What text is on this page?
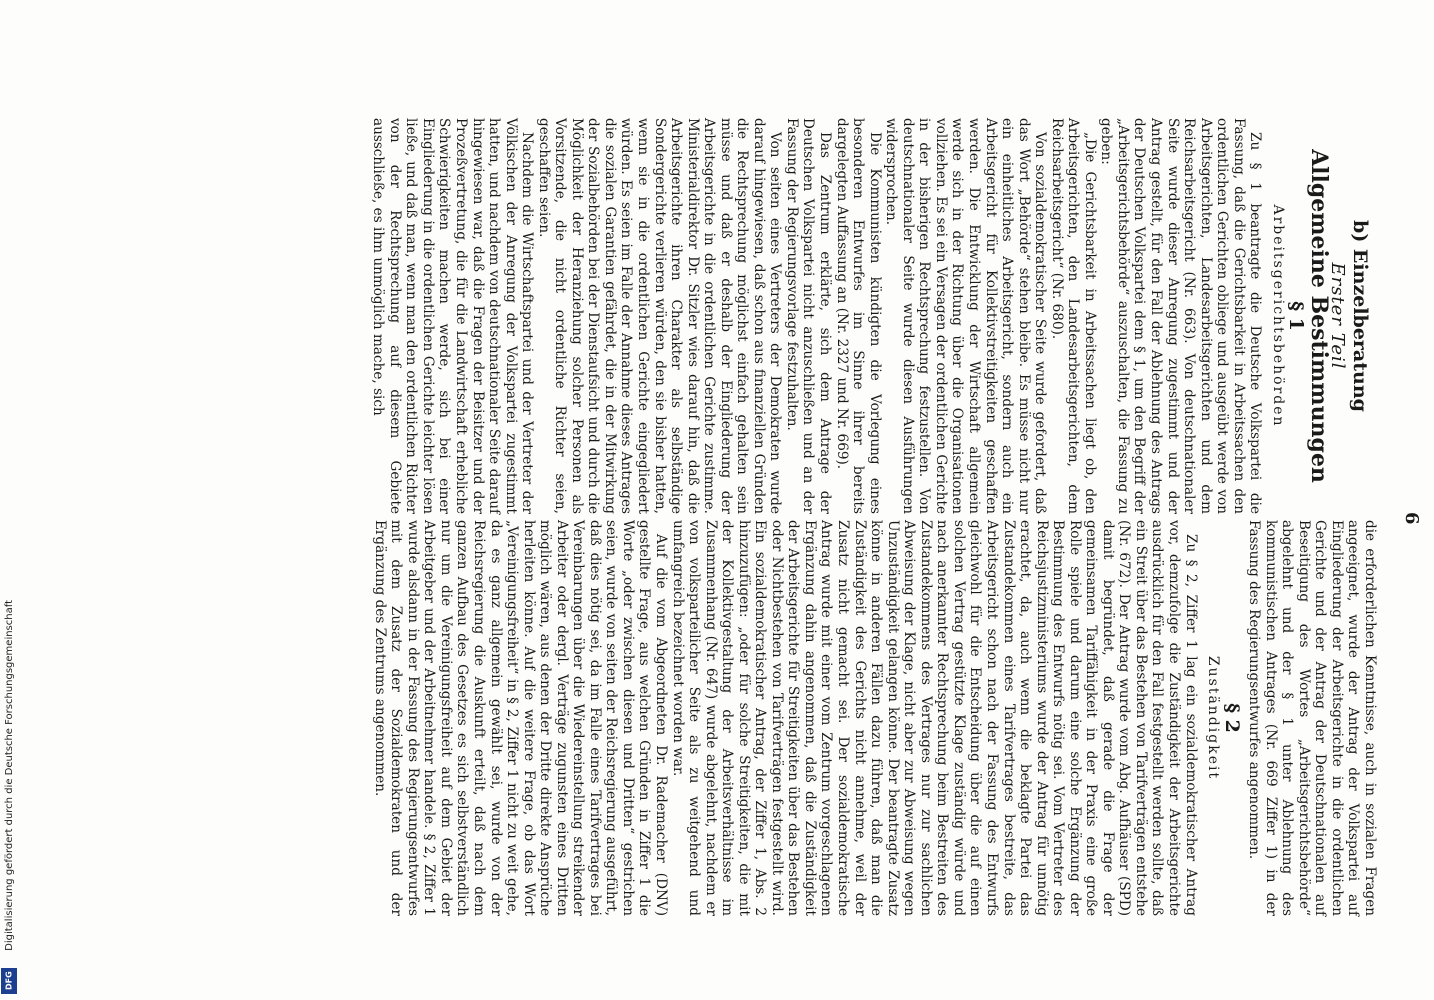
6

die erforderlichen Kenntnisse, auch in sozialen Fragen angeeignet, wurde der Antrag der Volkspartei auf Eingliederung der Arbeitsgerichte in die ordentlichen Gerichte und der Antrag der Deutschnationalen auf Beseitigung des Wortes „Arbeitsgerichtsbehörde“ abgelehnt und der § 1 unter Ablehnung des kommunistischen Antrages (Nr. 669 Ziffer 1) in der Fassung des Regierungsentwurfes angenommen.

§ 2
Zuständigkeit

Zu § 2, Ziffer 1 lag ein sozialdemokratischer Antrag vor, demzufolge die Zuständigkeit der Arbeitsgerichte ausdrücklich für den Fall festgestellt werden sollte, daß ein Streit über das Bestehen von Tarifverträgen entstehe (Nr. 672). Der Antrag wurde vom Abg. Aufhäuser (SPD) damit begründet, daß gerade die Frage der gemeinsamen Tariffähigkeit in der Praxis eine große Rolle spiele und darum eine solche Ergänzung der Bestimmung des Entwurfs nötig sei. Vom Vertreter des Reichsjustizministeriums wurde der Antrag für unnötig erachtet, da, auch wenn die beklagte Partei das Zustandekommen eines Tarifvertrages bestreite, das Arbeitsgericht schon nach der Fassung des Entwurfs gleichwohl für die Entscheidung über die auf einen solchen Vertrag gestützte Klage zuständig würde und nach anerkannter Rechtsprechung beim Bestreiten des Zustandekommens des Vertrages nur zur sachlichen Abweisung der Klage, nicht aber zur Abweisung wegen Unzuständigkeit gelangen könne. Der beantragte Zusatz könne in anderen Fällen dazu führen, daß man die Zuständigkeit des Gerichts nicht annehme, weil der Zusatz nicht gemacht sei. Der sozialdemokratische Antrag wurde mit einer vom Zentrum vorgeschlagenen Ergänzung dahin angenommen, daß die Zuständigkeit der Arbeitsgerichte für Streitigkeiten über das Bestehen oder Nichtbestehen von Tarifverträgen festgestellt wird. Ein sozialdemokratischer Antrag, der Ziffer 1, Abs. 2 hinzuzufügen: „oder für solche Streitigkeiten, die mit der Kollektivgestaltung der Arbeitsverhältnisse im Zusammenhang (Nr. 647) wurde abgelehnt, nachdem er von volksparteilicher Seite als zu weitgehend und umfangreich bezeichnet worden war.

Auf die vom Abgeordneten Dr. Rademacher (DNV) gestellte Frage, aus welchen Gründen in Ziffer 1 die Worte „oder zwischen diesen und Dritten“ gestrichen seien, wurde von seiten der Reichsregierung ausgeführt, daß dies nötig sei, da im Falle eines Tarifvertrages bei Vereinbarungen über die Wiedereinstellung streikender Arbeiter oder dergl. Verträge zugunsten eines Dritten möglich wären, aus denen der Dritte direkte Ansprüche herleiten könne. Auf die weitere Frage, ob das Wort „Vereinigungsfreiheit“ in § 2, Ziffer 1 nicht zu weit gehe, da es ganz allgemein gewählt sei, wurde von der Reichsregierung die Auskunft erteilt, daß nach dem ganzen Aufbau des Gesetzes es sich selbstverständlich nur um die Vereinigungsfreiheit auf dem Gebiet der Arbeitgeber und der Arbeitnehmer handele. § 2, Ziffer 1 wurde alsdann in der Fassung des Regierungsentwurfes mit dem Zusatz der Sozialdemokraten und der Ergänzung des Zentrums angenommen.

b) Einzelberatung
Erster Teil
Allgemeine Bestimmungen
§ 1
Arbeitsgerichtsbehörden

Zu § 1 beantragte die Deutsche Volkspartei die Fassung, daß die Gerichtsbarkeit in Arbeitssachen den ordentlichen Gerichten obliege und ausgeübt werde von Arbeitsgerichten, Landesarbeitsgerichten und dem Reichsarbeitsgericht (Nr. 663). Von deutschnationaler Seite wurde dieser Anregung zugestimmt und der Antrag gestellt, für den Fall der Ablehnung des Antrags der Deutschen Volkspartei dem § 1, um den Begriff der „Arbeitsgerichtsbehörde“ auszuschalten, die Fassung zu geben:

„Die Gerichtsbarkeit in Arbeitssachen liegt ob, den Arbeitsgerichten, den Landesarbeitsgerichten, dem Reichsarbeitsgericht“ (Nr. 680).

Von sozialdemokratischer Seite wurde gefordert, daß das Wort „Behörde“ stehen bleibe. Es müsse nicht nur ein einheitliches Arbeitsgericht, sondern auch ein Arbeitsgericht für Kollektivstreitigkeiten geschaffen werden. Die Entwicklung der Wirtschaft allgemein werde sich in der Richtung über die Organisationen vollziehen. Es sei ein Versagen der ordentlichen Gerichte in der bisherigen Rechtsprechung festzustellen. Von deutschnationaler Seite wurde diesen Ausführungen widersprochen.

Die Kommunisten kündigten die Vorlegung eines besonderen Entwurfes im Sinne ihrer bereits dargelegten Auffassung an (Nr. 2327 und Nr. 669).

Das Zentrum erklärte, sich dem Antrage der Deutschen Volkspartei nicht anzuschließen und an der Fassung der Regierungsvorlage festzuhalten.

Von seiten eines Vertreters der Demokraten wurde darauf hingewiesen, daß schon aus finanziellen Gründen die Rechtsprechung möglichst einfach gehalten sein müsse und daß er deshalb der Eingliederung der Arbeitsgerichte in die ordentlichen Gerichte zustimme. Ministerialdirektor Dr. Sitzler wies darauf hin, daß die Arbeitsgerichte ihren Charakter als selbständige Sondergerichte verlieren würden, den sie bisher hatten, wenn sie in die ordentlichen Gerichte eingegliedert würden. Es seien im Falle der Annahme dieses Antrages die sozialen Garantien gefährdet, die in der Mitwirkung der Sozialbehörden bei der Dienstaufsicht und durch die Möglichkeit der Heranziehung solcher Personen als Vorsitzende, die nicht ordentliche Richter seien, geschaffen seien.

Nachdem die Wirtschaftspartei und der Vertreter der Völkischen der Anregung der Volkspartei zugestimmt hatten, und nachdem von deutschnationaler Seite darauf hingewiesen war, daß die Fragen der Beisitzer und der Prozeßvertretung, die für die Landwirtschaft erhebliche Schwierigkeiten machen werde, sich bei einer Eingliederung in die ordentlichen Gerichte leichter lösen ließe, und daß man, wenn man den ordentlichen Richter von der Rechtsprechung auf diesem Gebiete ausschließe, es ihm unmöglich mache, sich

Digitalisierung gefördert durch die Deutsche Forschungsgemeinschaft
DFG
